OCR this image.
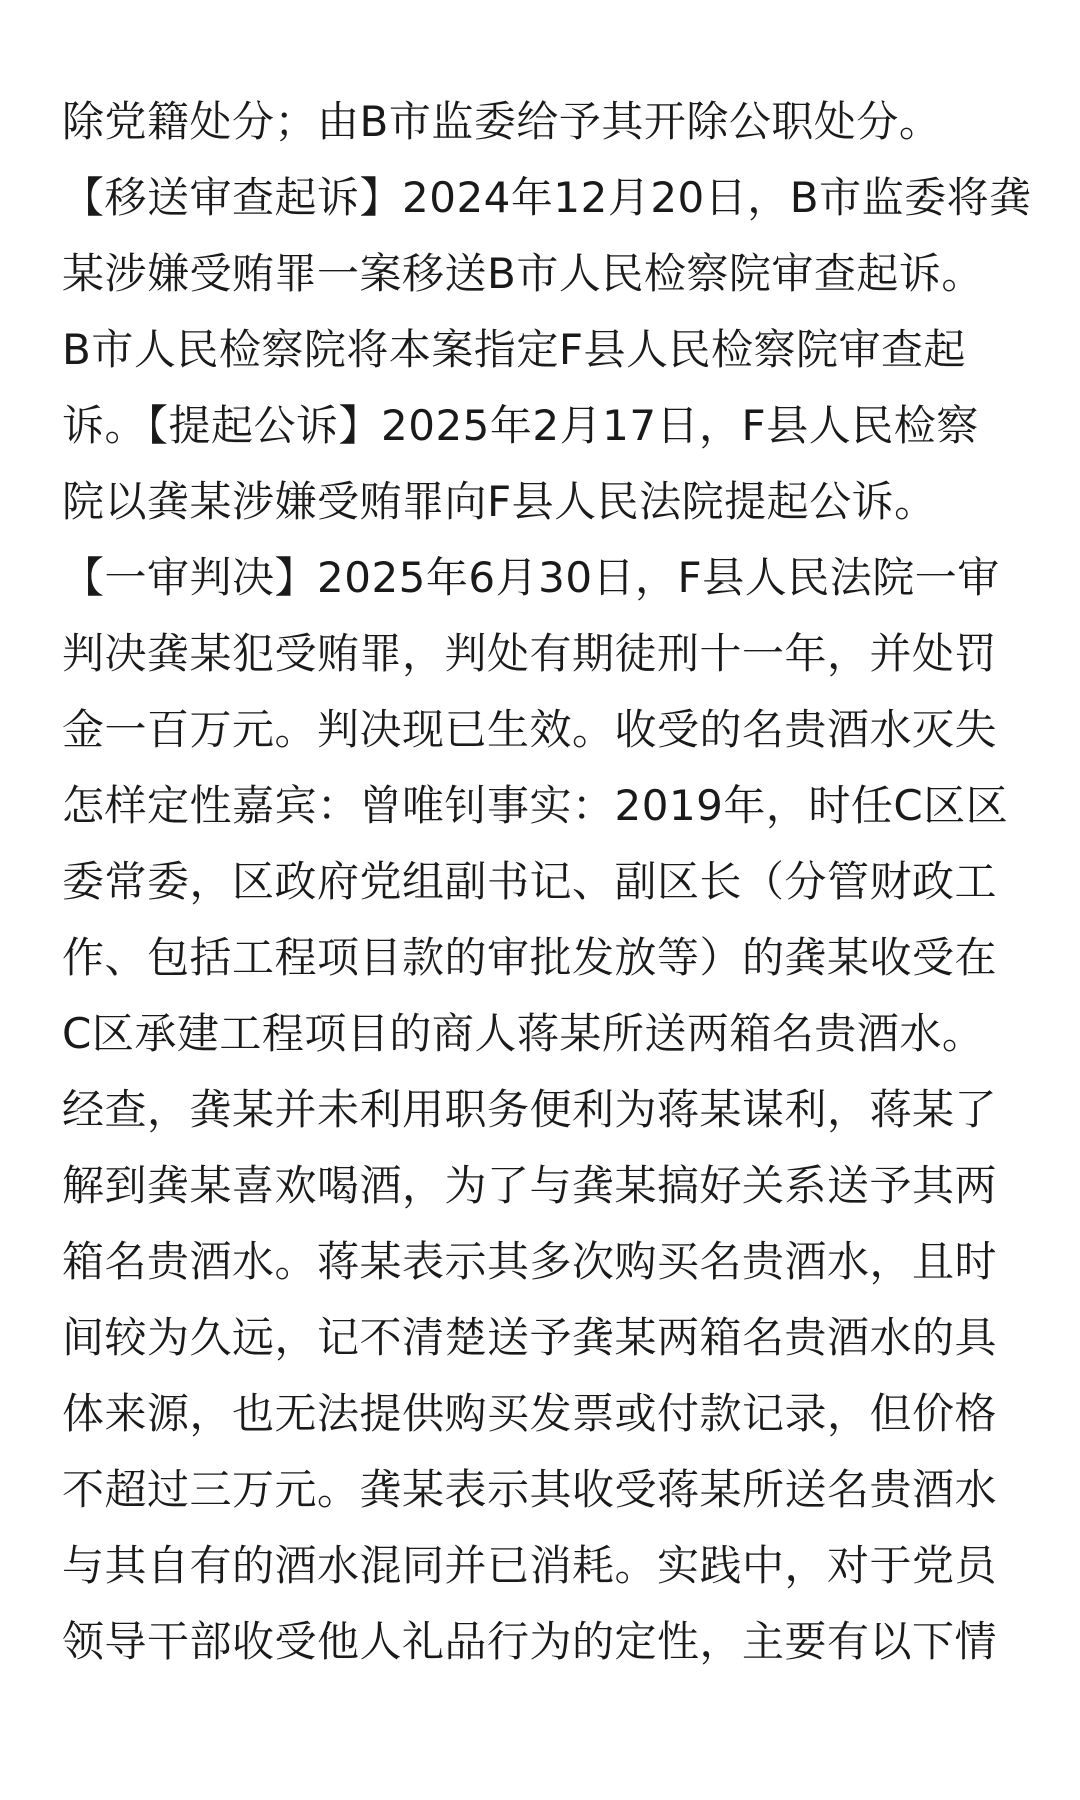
除党籍处分；由B市监委给予其开除公职处分。
【移送审查起诉】2024年12月20日，B市监委将龚
某涉嫌受贿罪一案移送B市人民检察院审查起诉。
B市人民检察院将本案指定F县人民检察院审查起
诉。【提起公诉】2025年2月17日，F县人民检察
院以龚某涉嫌受贿罪向F县人民法院提起公诉。
【一审判决】2025年6月30日，F县人民法院一审
判决龚某犯受贿罪，判处有期徒刑十一年，并处罚
金一百万元。判决现已生效。收受的名贵酒水灭失
怎样定性嘉宾：曾唯钊事实：2019年，时任C区区
委常委，区政府党组副书记、副区长（分管财政工
作、包括工程项目款的审批发放等）的龚某收受在
C区承建工程项目的商人蒋某所送两箱名贵酒水。
经查，龚某并未利用职务便利为蒋某谋利，蒋某了
解到龚某喜欢喝酒，为了与龚某搞好关系送予其两
箱名贵酒水。蒋某表示其多次购买名贵酒水，且时
间较为久远，记不清楚送予龚某两箱名贵酒水的具
体来源，也无法提供购买发票或付款记录，但价格
不超过三万元。龚某表示其收受蒋某所送名贵酒水
与其自有的酒水混同并已消耗。实践中，对于党员
领导干部收受他人礼品行为的定性，主要有以下情
